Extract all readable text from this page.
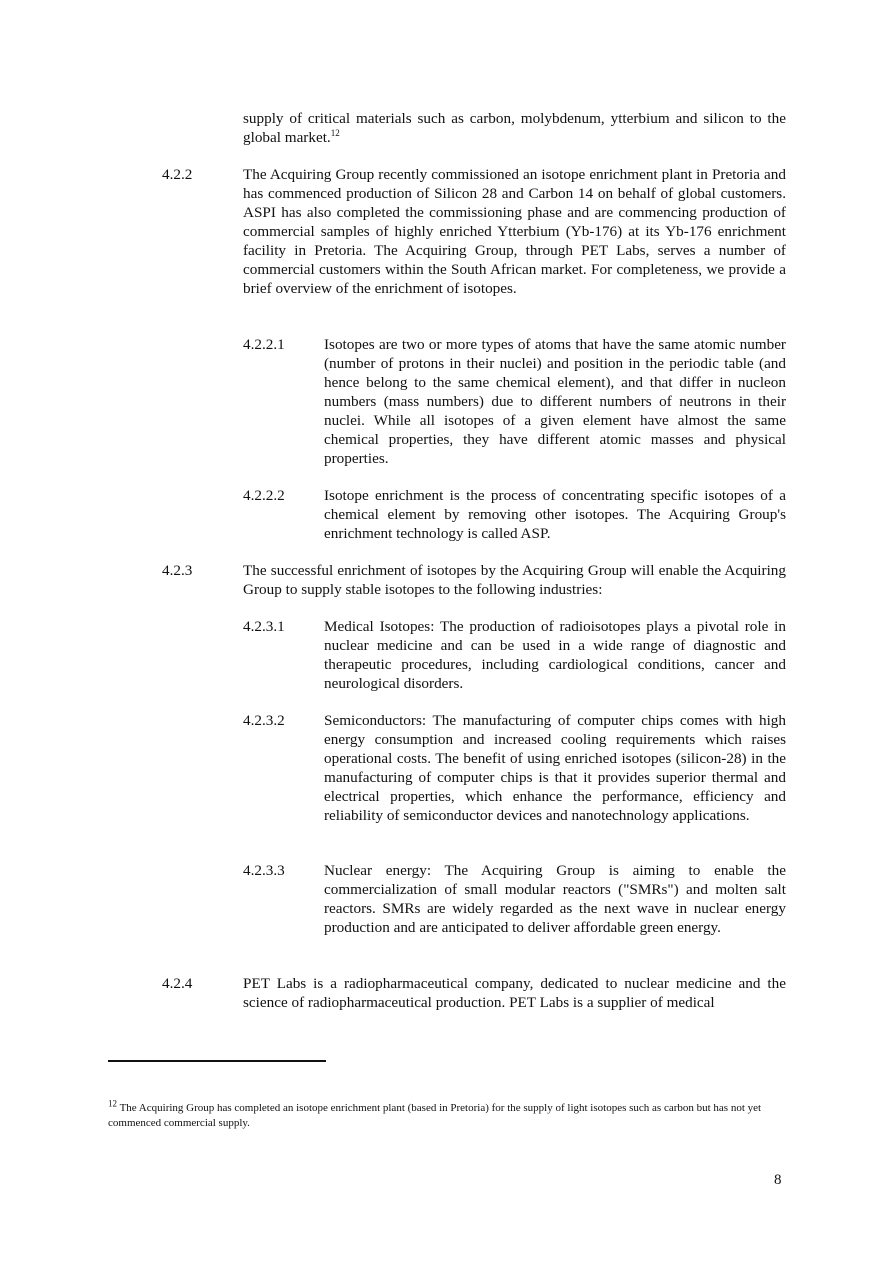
supply of critical materials such as carbon, molybdenum, ytterbium and silicon to the global market.$^{12}$
4.2.2	The Acquiring Group recently commissioned an isotope enrichment plant in Pretoria and has commenced production of Silicon 28 and Carbon 14 on behalf of global customers. ASPI has also completed the commissioning phase and are commencing production of commercial samples of highly enriched Ytterbium (Yb-176) at its Yb-176 enrichment facility in Pretoria. The Acquiring Group, through PET Labs, serves a number of commercial customers within the South African market. For completeness, we provide a brief overview of the enrichment of isotopes.
4.2.2.1	Isotopes are two or more types of atoms that have the same atomic number (number of protons in their nuclei) and position in the periodic table (and hence belong to the same chemical element), and that differ in nucleon numbers (mass numbers) due to different numbers of neutrons in their nuclei. While all isotopes of a given element have almost the same chemical properties, they have different atomic masses and physical properties.
4.2.2.2	Isotope enrichment is the process of concentrating specific isotopes of a chemical element by removing other isotopes. The Acquiring Group's enrichment technology is called ASP.
4.2.3	The successful enrichment of isotopes by the Acquiring Group will enable the Acquiring Group to supply stable isotopes to the following industries:
4.2.3.1	Medical Isotopes: The production of radioisotopes plays a pivotal role in nuclear medicine and can be used in a wide range of diagnostic and therapeutic procedures, including cardiological conditions, cancer and neurological disorders.
4.2.3.2	Semiconductors: The manufacturing of computer chips comes with high energy consumption and increased cooling requirements which raises operational costs. The benefit of using enriched isotopes (silicon-28) in the manufacturing of computer chips is that it provides superior thermal and electrical properties, which enhance the performance, efficiency and reliability of semiconductor devices and nanotechnology applications.
4.2.3.3	Nuclear energy: The Acquiring Group is aiming to enable the commercialization of small modular reactors ("SMRs") and molten salt reactors. SMRs are widely regarded as the next wave in nuclear energy production and are anticipated to deliver affordable green energy.
4.2.4	PET Labs is a radiopharmaceutical company, dedicated to nuclear medicine and the science of radiopharmaceutical production. PET Labs is a supplier of medical
$^{12}$ The Acquiring Group has completed an isotope enrichment plant (based in Pretoria) for the supply of light isotopes such as carbon but has not yet commenced commercial supply.
8
